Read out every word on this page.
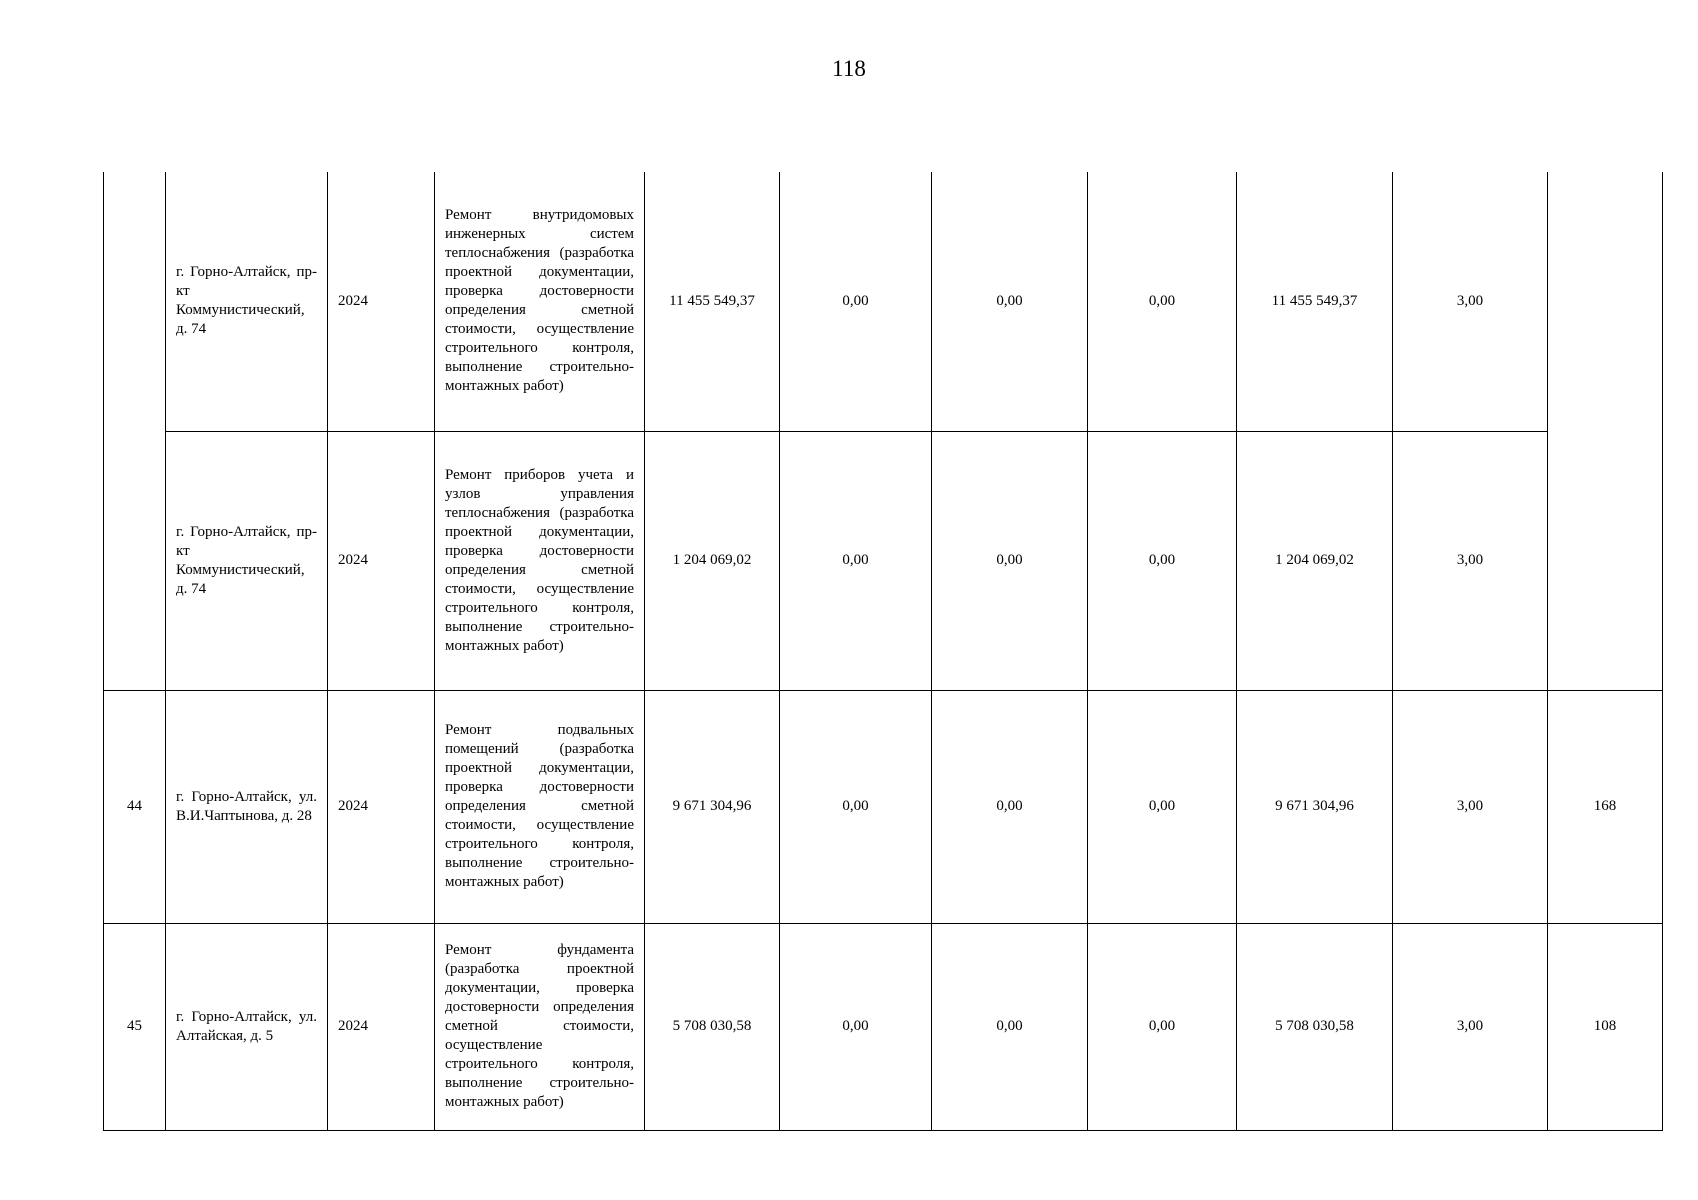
118

	г. Горно-Алтайск, пр-кт Коммунистический, д. 74	2024	Ремонт внутридомовых инженерных систем теплоснабжения (разработка проектной документации, проверка достоверности определения сметной стоимости, осуществление строительного контроля, выполнение строительно-монтажных работ)	11 455 549,37	0,00	0,00	0,00	11 455 549,37	3,00	

	г. Горно-Алтайск, пр-кт Коммунистический, д. 74	2024	Ремонт приборов учета и узлов управления теплоснабжения (разработка проектной документации, проверка достоверности определения сметной стоимости, осуществление строительного контроля, выполнение строительно-монтажных работ)	1 204 069,02	0,00	0,00	0,00	1 204 069,02	3,00	
44	г. Горно-Алтайск, ул. В.И.Чаптынова, д. 28	2024	Ремонт подвальных помещений (разработка проектной документации, проверка достоверности определения сметной стоимости, осуществление строительного контроля, выполнение строительно-монтажных работ)	9 671 304,96	0,00	0,00	0,00	9 671 304,96	3,00	168
45	г. Горно-Алтайск, ул. Алтайская, д. 5	2024	Ремонт фундамента (разработка проектной документации, проверка достоверности определения сметной стоимости, осуществление строительного контроля, выполнение строительно-монтажных работ)	5 708 030,58	0,00	0,00	0,00	5 708 030,58	3,00	108
